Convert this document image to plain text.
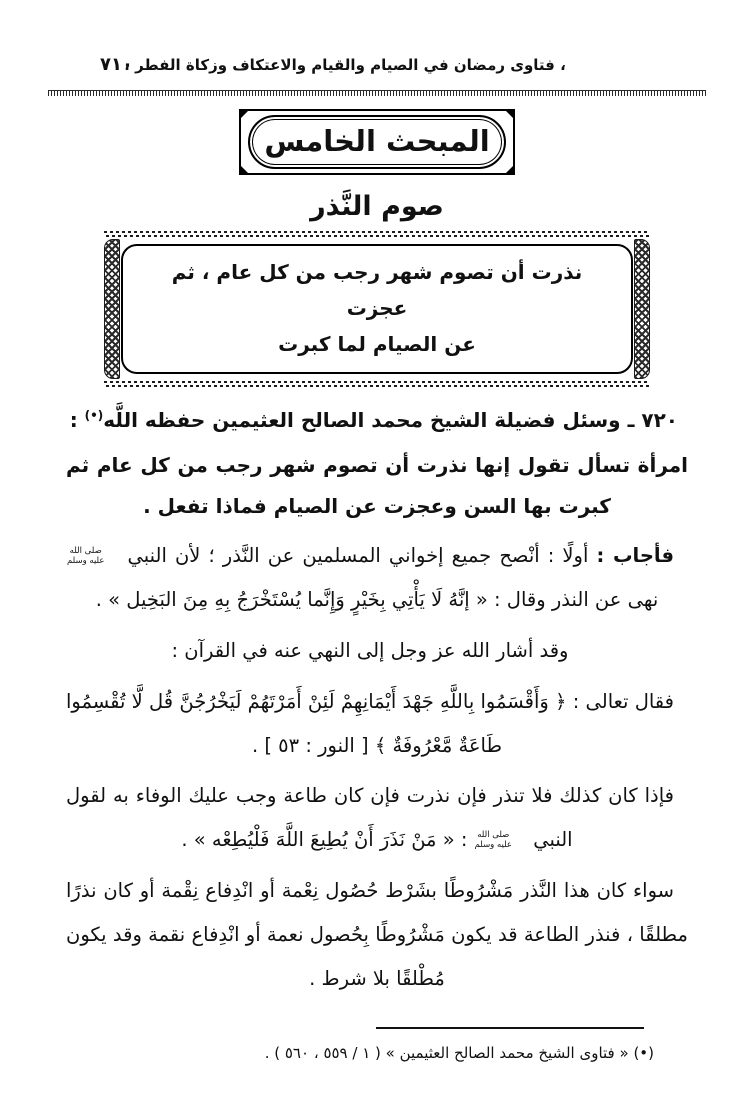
، فتاوى رمضان في الصيام والقيام والاعتكاف وزكاة الفطر ،
٧١٠
المبحث الخامس
صوم النَّذر
نذرت أن تصوم شهر رجب من كل عام ، ثم عجزت
عن الصيام لما كبرت

٧٢٠ ـ وسئل فضيلة الشيخ محمد الصالح العثيمين حفظه اللَّه(•) :

امرأة تسأل تقول إنها نذرت أن تصوم شهر رجب من كل عام ثم كبرت بها السن وعجزت عن الصيام فماذا تفعل .

فأجاب : أولًا : أنْصح جميع إخواني المسلمين عن النَّذر ؛ لأن النبي
صلى الله
عليه وسلم
نهى عن النذر وقال : « إنَّهُ لَا يَأْتِي بِخَيْرٍ وَإِنَّما يُسْتَخْرَجُ بِهِ مِنَ البَخِيل » .

وقد أشار الله عز وجل إلى النهي عنه في القرآن :

فقال تعالى : ﴿ وَأَقْسَمُوا بِاللَّهِ جَهْدَ أَيْمَانِهِمْ لَئِنْ أَمَرْتَهُمْ لَيَخْرُجُنَّ قُل لَّا تُقْسِمُوا طَاعَةٌ مَّعْرُوفَةٌ ﴾ [ النور : ٥٣ ] .

فإذا كان كذلك فلا تنذر فإن نذرت فإن كان طاعة وجب عليك الوفاء به لقول النبي
صلى الله
عليه وسلم
: « مَنْ نَذَرَ أَنْ يُطِيعَ اللَّهَ فَلْيُطِعْه » .

سواء كان هذا النَّذر مَشْرُوطًا بشَرْط حُصُول نِعْمة أو انْدِفاع نِقْمة أو كان نذرًا مطلقًا ، فنذر الطاعة قد يكون مَشْرُوطًا بِحُصول نعمة أو انْدِفاع نقمة وقد يكون مُطْلقًا بلا شرط .

(•) « فتاوى الشيخ محمد الصالح العثيمين » ( ١ / ٥٥٩ ، ٥٦٠ ) .
